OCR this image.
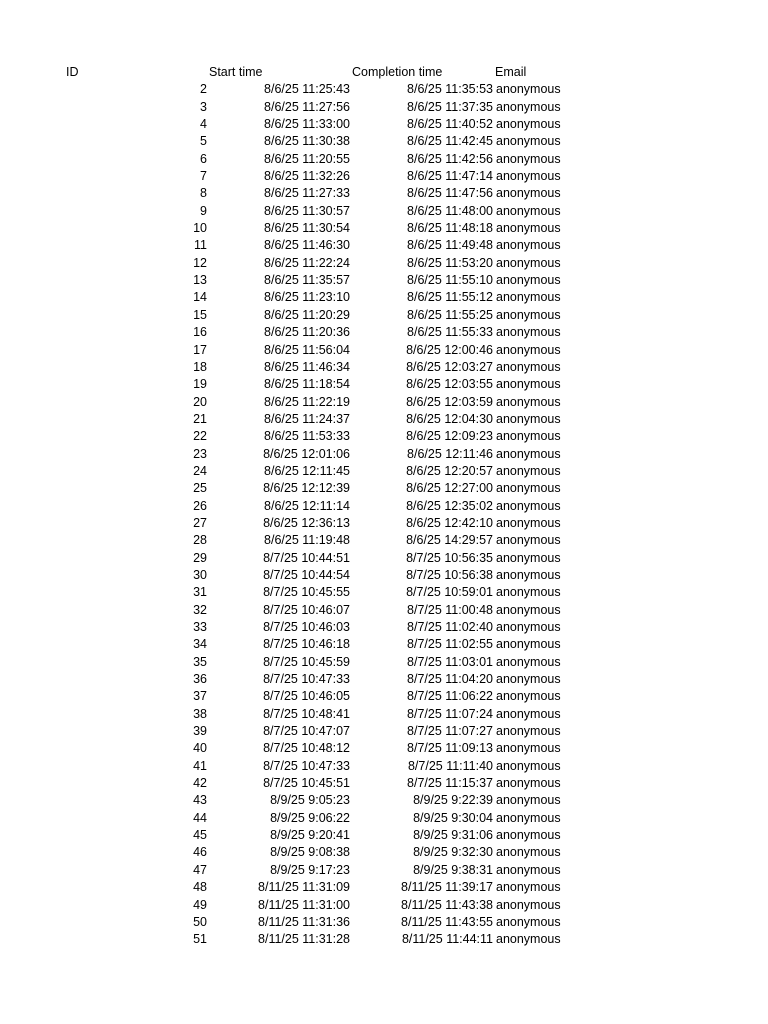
ID	Start time	Completion time	Email
2	8/6/25 11:25:43	8/6/25 11:35:53 anonymous
3	8/6/25 11:27:56	8/6/25 11:37:35 anonymous
4	8/6/25 11:33:00	8/6/25 11:40:52 anonymous
5	8/6/25 11:30:38	8/6/25 11:42:45 anonymous
6	8/6/25 11:20:55	8/6/25 11:42:56 anonymous
7	8/6/25 11:32:26	8/6/25 11:47:14 anonymous
8	8/6/25 11:27:33	8/6/25 11:47:56 anonymous
9	8/6/25 11:30:57	8/6/25 11:48:00 anonymous
10	8/6/25 11:30:54	8/6/25 11:48:18 anonymous
11	8/6/25 11:46:30	8/6/25 11:49:48 anonymous
12	8/6/25 11:22:24	8/6/25 11:53:20 anonymous
13	8/6/25 11:35:57	8/6/25 11:55:10 anonymous
14	8/6/25 11:23:10	8/6/25 11:55:12 anonymous
15	8/6/25 11:20:29	8/6/25 11:55:25 anonymous
16	8/6/25 11:20:36	8/6/25 11:55:33 anonymous
17	8/6/25 11:56:04	8/6/25 12:00:46 anonymous
18	8/6/25 11:46:34	8/6/25 12:03:27 anonymous
19	8/6/25 11:18:54	8/6/25 12:03:55 anonymous
20	8/6/25 11:22:19	8/6/25 12:03:59 anonymous
21	8/6/25 11:24:37	8/6/25 12:04:30 anonymous
22	8/6/25 11:53:33	8/6/25 12:09:23 anonymous
23	8/6/25 12:01:06	8/6/25 12:11:46 anonymous
24	8/6/25 12:11:45	8/6/25 12:20:57 anonymous
25	8/6/25 12:12:39	8/6/25 12:27:00 anonymous
26	8/6/25 12:11:14	8/6/25 12:35:02 anonymous
27	8/6/25 12:36:13	8/6/25 12:42:10 anonymous
28	8/6/25 11:19:48	8/6/25 14:29:57 anonymous
29	8/7/25 10:44:51	8/7/25 10:56:35 anonymous
30	8/7/25 10:44:54	8/7/25 10:56:38 anonymous
31	8/7/25 10:45:55	8/7/25 10:59:01 anonymous
32	8/7/25 10:46:07	8/7/25 11:00:48 anonymous
33	8/7/25 10:46:03	8/7/25 11:02:40 anonymous
34	8/7/25 10:46:18	8/7/25 11:02:55 anonymous
35	8/7/25 10:45:59	8/7/25 11:03:01 anonymous
36	8/7/25 10:47:33	8/7/25 11:04:20 anonymous
37	8/7/25 10:46:05	8/7/25 11:06:22 anonymous
38	8/7/25 10:48:41	8/7/25 11:07:24 anonymous
39	8/7/25 10:47:07	8/7/25 11:07:27 anonymous
40	8/7/25 10:48:12	8/7/25 11:09:13 anonymous
41	8/7/25 10:47:33	8/7/25 11:11:40 anonymous
42	8/7/25 10:45:51	8/7/25 11:15:37 anonymous
43	8/9/25 9:05:23	8/9/25 9:22:39 anonymous
44	8/9/25 9:06:22	8/9/25 9:30:04 anonymous
45	8/9/25 9:20:41	8/9/25 9:31:06 anonymous
46	8/9/25 9:08:38	8/9/25 9:32:30 anonymous
47	8/9/25 9:17:23	8/9/25 9:38:31 anonymous
48	8/11/25 11:31:09	8/11/25 11:39:17 anonymous
49	8/11/25 11:31:00	8/11/25 11:43:38 anonymous
50	8/11/25 11:31:36	8/11/25 11:43:55 anonymous
51	8/11/25 11:31:28	8/11/25 11:44:11 anonymous
